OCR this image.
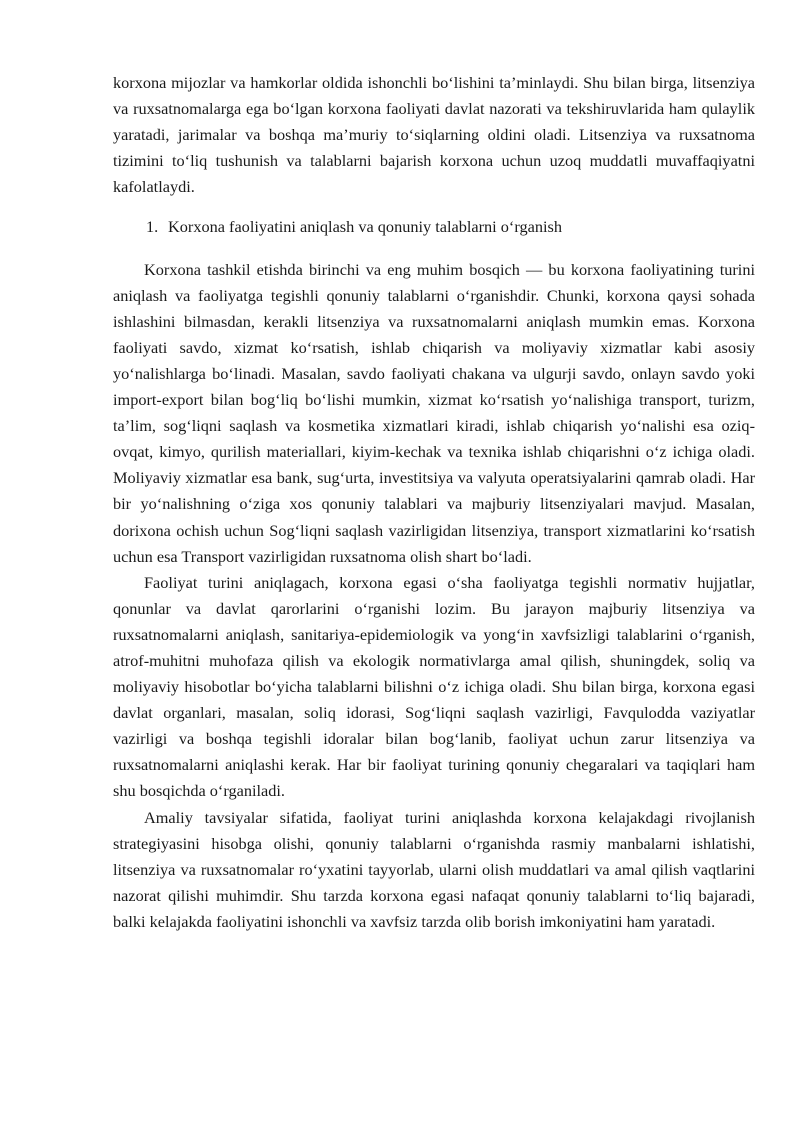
korxona mijozlar va hamkorlar oldida ishonchli bo‘lishini ta’minlaydi. Shu bilan birga, litsenziya va ruxsatnomalarga ega bo‘lgan korxona faoliyati davlat nazorati va tekshiruvlarida ham qulaylik yaratadi, jarimalar va boshqa ma’muriy to‘siqlarning oldini oladi. Litsenziya va ruxsatnoma tizimini to‘liq tushunish va talablarni bajarish korxona uchun uzoq muddatli muvaffaqiyatni kafolatlaydi.

1. Korxona faoliyatini aniqlash va qonuniy talablarni o‘rganish

Korxona tashkil etishda birinchi va eng muhim bosqich — bu korxona faoliyatining turini aniqlash va faoliyatga tegishli qonuniy talablarni o‘rganishdir. Chunki, korxona qaysi sohada ishlashini bilmasdan, kerakli litsenziya va ruxsatnomalarni aniqlash mumkin emas. Korxona faoliyati savdo, xizmat ko‘rsatish, ishlab chiqarish va moliyaviy xizmatlar kabi asosiy yo‘nalishlarga bo‘linadi. Masalan, savdo faoliyati chakana va ulgurji savdo, onlayn savdo yoki import-export bilan bog‘liq bo‘lishi mumkin, xizmat ko‘rsatish yo‘nalishiga transport, turizm, ta’lim, sog‘liqni saqlash va kosmetika xizmatlari kiradi, ishlab chiqarish yo‘nalishi esa oziq-ovqat, kimyo, qurilish materiallari, kiyim-kechak va texnika ishlab chiqarishni o‘z ichiga oladi. Moliyaviy xizmatlar esa bank, sug‘urta, investitsiya va valyuta operatsiyalarini qamrab oladi. Har bir yo‘nalishning o‘ziga xos qonuniy talablari va majburiy litsenziyalari mavjud. Masalan, dorixona ochish uchun Sog‘liqni saqlash vazirligidan litsenziya, transport xizmatlarini ko‘rsatish uchun esa Transport vazirligidan ruxsatnoma olish shart bo‘ladi.

Faoliyat turini aniqlagach, korxona egasi o‘sha faoliyatga tegishli normativ hujjatlar, qonunlar va davlat qarorlarini o‘rganishi lozim. Bu jarayon majburiy litsenziya va ruxsatnomalarni aniqlash, sanitariya-epidemiologik va yong‘in xavfsizligi talablarini o‘rganish, atrof-muhitni muhofaza qilish va ekologik normativlarga amal qilish, shuningdek, soliq va moliyaviy hisobotlar bo‘yicha talablarni bilishni o‘z ichiga oladi. Shu bilan birga, korxona egasi davlat organlari, masalan, soliq idorasi, Sog‘liqni saqlash vazirligi, Favqulodda vaziyatlar vazirligi va boshqa tegishli idoralar bilan bog‘lanib, faoliyat uchun zarur litsenziya va ruxsatnomalarni aniqlashi kerak. Har bir faoliyat turining qonuniy chegaralari va taqiqlari ham shu bosqichda o‘rganiladi.

Amaliy tavsiyalar sifatida, faoliyat turini aniqlashda korxona kelajakdagi rivojlanish strategiyasini hisobga olishi, qonuniy talablarni o‘rganishda rasmiy manbalarni ishlatishi, litsenziya va ruxsatnomalar ro‘yxatini tayyorlab, ularni olish muddatlari va amal qilish vaqtlarini nazorat qilishi muhimdir. Shu tarzda korxona egasi nafaqat qonuniy talablarni to‘liq bajaradi, balki kelajakda faoliyatini ishonchli va xavfsiz tarzda olib borish imkoniyatini ham yaratadi.
